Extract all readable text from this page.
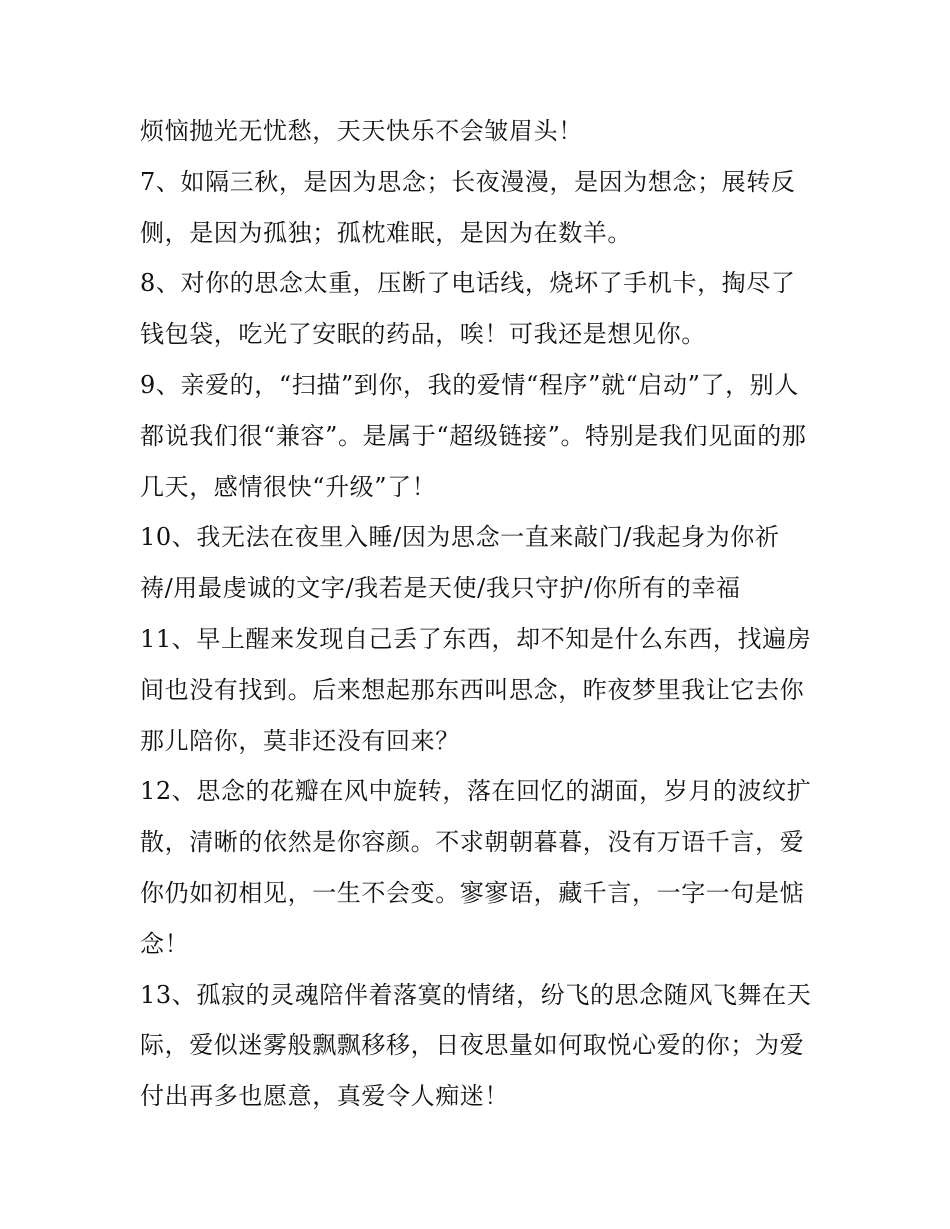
烦恼抛光无忧愁，天天快乐不会皱眉头！

7、如隔三秋，是因为思念；长夜漫漫，是因为想念；展转反

侧，是因为孤独；孤枕难眠，是因为在数羊。

8、对你的思念太重，压断了电话线，烧坏了手机卡，掏尽了

钱包袋，吃光了安眠的药品，唉！可我还是想见你。

9、亲爱的，“扫描”到你，我的爱情“程序”就“启动”了，别人

都说我们很“兼容”。是属于“超级链接”。特别是我们见面的那

几天，感情很快“升级”了！

10、我无法在夜里入睡/因为思念一直来敲门/我起身为你祈

祷/用最虔诚的文字/我若是天使/我只守护/你所有的幸福

11、早上醒来发现自己丢了东西，却不知是什么东西，找遍房

间也没有找到。后来想起那东西叫思念，昨夜梦里我让它去你

那儿陪你，莫非还没有回来？

12、思念的花瓣在风中旋转，落在回忆的湖面，岁月的波纹扩

散，清晰的依然是你容颜。不求朝朝暮暮，没有万语千言，爱

你仍如初相见，一生不会变。寥寥语，藏千言，一字一句是惦

念！

13、孤寂的灵魂陪伴着落寞的情绪，纷飞的思念随风飞舞在天

际，爱似迷雾般飘飘移移，日夜思量如何取悦心爱的你；为爱

付出再多也愿意，真爱令人痴迷！
